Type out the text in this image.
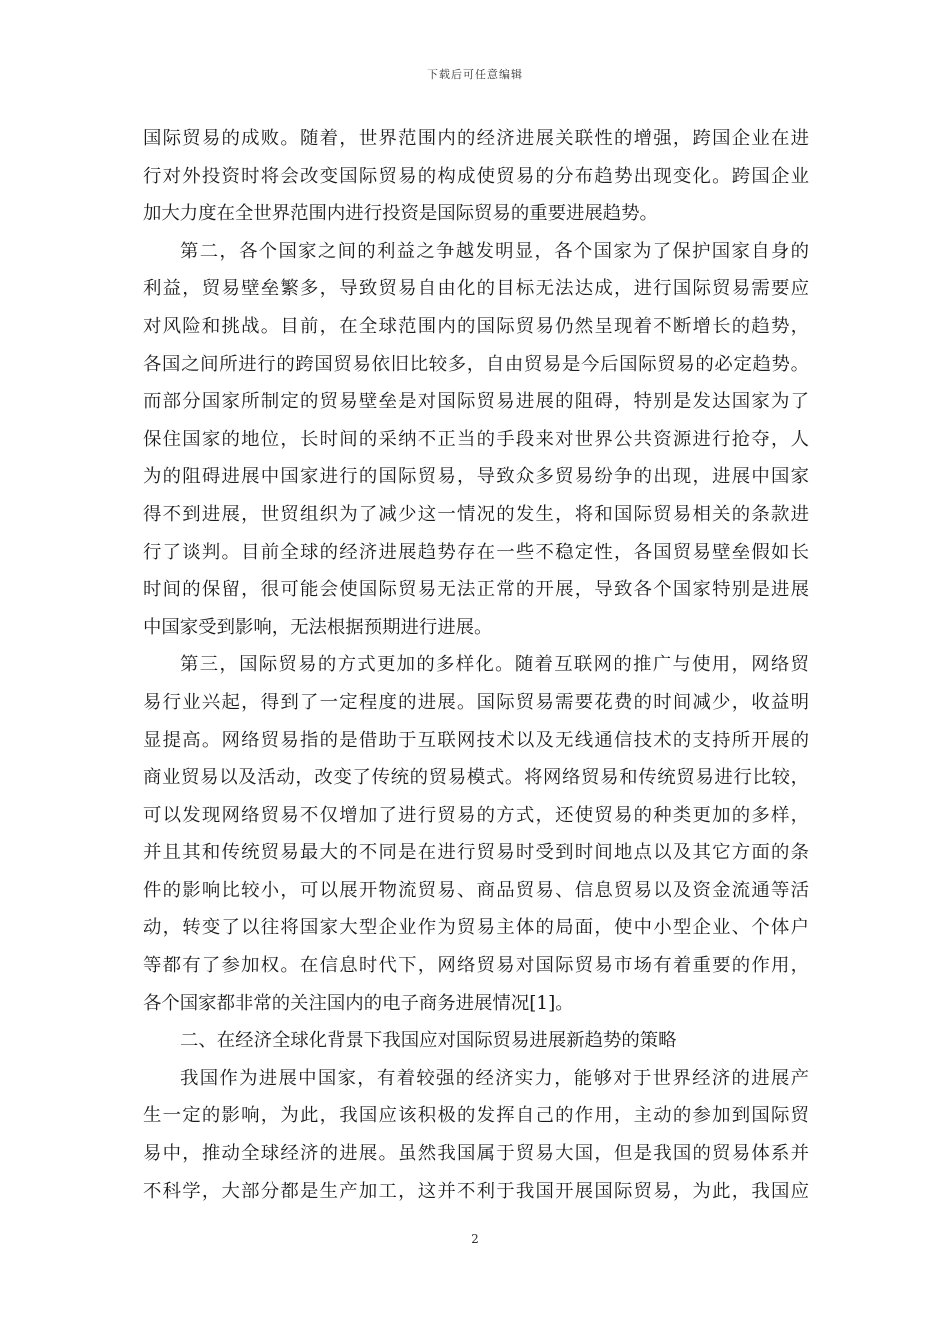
下载后可任意编辑
国际贸易的成败。随着，世界范围内的经济进展关联性的增强，跨国企业在进
行对外投资时将会改变国际贸易的构成使贸易的分布趋势出现变化。跨国企业
加大力度在全世界范围内进行投资是国际贸易的重要进展趋势。
第二，各个国家之间的利益之争越发明显，各个国家为了保护国家自身的
利益，贸易壁垒繁多，导致贸易自由化的目标无法达成，进行国际贸易需要应
对风险和挑战。目前，在全球范围内的国际贸易仍然呈现着不断增长的趋势，
各国之间所进行的跨国贸易依旧比较多，自由贸易是今后国际贸易的必定趋势。
而部分国家所制定的贸易壁垒是对国际贸易进展的阻碍，特别是发达国家为了
保住国家的地位，长时间的采纳不正当的手段来对世界公共资源进行抢夺，人
为的阻碍进展中国家进行的国际贸易，导致众多贸易纷争的出现，进展中国家
得不到进展，世贸组织为了减少这一情况的发生，将和国际贸易相关的条款进
行了谈判。目前全球的经济进展趋势存在一些不稳定性，各国贸易壁垒假如长
时间的保留，很可能会使国际贸易无法正常的开展，导致各个国家特别是进展
中国家受到影响，无法根据预期进行进展。
第三，国际贸易的方式更加的多样化。随着互联网的推广与使用，网络贸
易行业兴起，得到了一定程度的进展。国际贸易需要花费的时间减少，收益明
显提高。网络贸易指的是借助于互联网技术以及无线通信技术的支持所开展的
商业贸易以及活动，改变了传统的贸易模式。将网络贸易和传统贸易进行比较，
可以发现网络贸易不仅增加了进行贸易的方式，还使贸易的种类更加的多样，
并且其和传统贸易最大的不同是在进行贸易时受到时间地点以及其它方面的条
件的影响比较小，可以展开物流贸易、商品贸易、信息贸易以及资金流通等活
动，转变了以往将国家大型企业作为贸易主体的局面，使中小型企业、个体户
等都有了参加权。在信息时代下，网络贸易对国际贸易市场有着重要的作用，
各个国家都非常的关注国内的电子商务进展情况[1]。
二、在经济全球化背景下我国应对国际贸易进展新趋势的策略
我国作为进展中国家，有着较强的经济实力，能够对于世界经济的进展产
生一定的影响，为此，我国应该积极的发挥自己的作用，主动的参加到国际贸
易中，推动全球经济的进展。虽然我国属于贸易大国，但是我国的贸易体系并
不科学，大部分都是生产加工，这并不利于我国开展国际贸易，为此，我国应
2
